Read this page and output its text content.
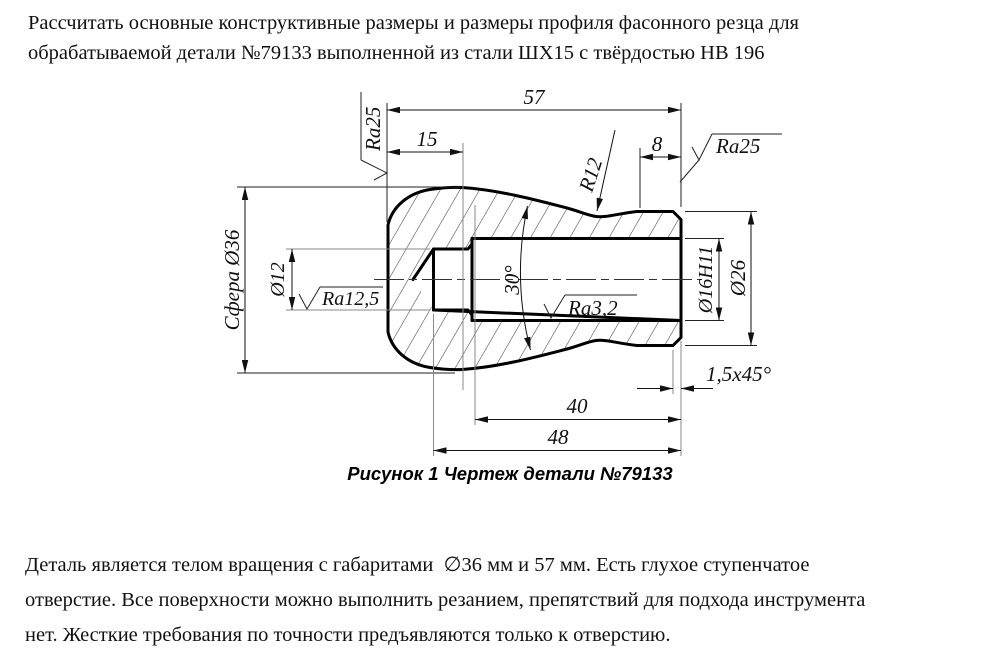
Рассчитать основные конструктивные размеры и размеры профиля фасонного резца для
обрабатываемой детали №79133 выполненной из стали ШХ15 с твёрдостью НВ 196

57
15	8
Сфера Ø36 Ø12	Ø16H11 Ø26
40
48
1,5x45°
30°
R12
Ra25	Ra25
Ra12,5	Ra3,2
Рисунок 1 Чертеж детали №79133

Деталь является телом вращения с габаритами  ∅36 мм и 57 мм. Есть глухое ступенчатое
отверстие. Все поверхности можно выполнить резанием, препятствий для подхода инструмента
нет. Жесткие требования по точности предъявляются только к отверстию.
